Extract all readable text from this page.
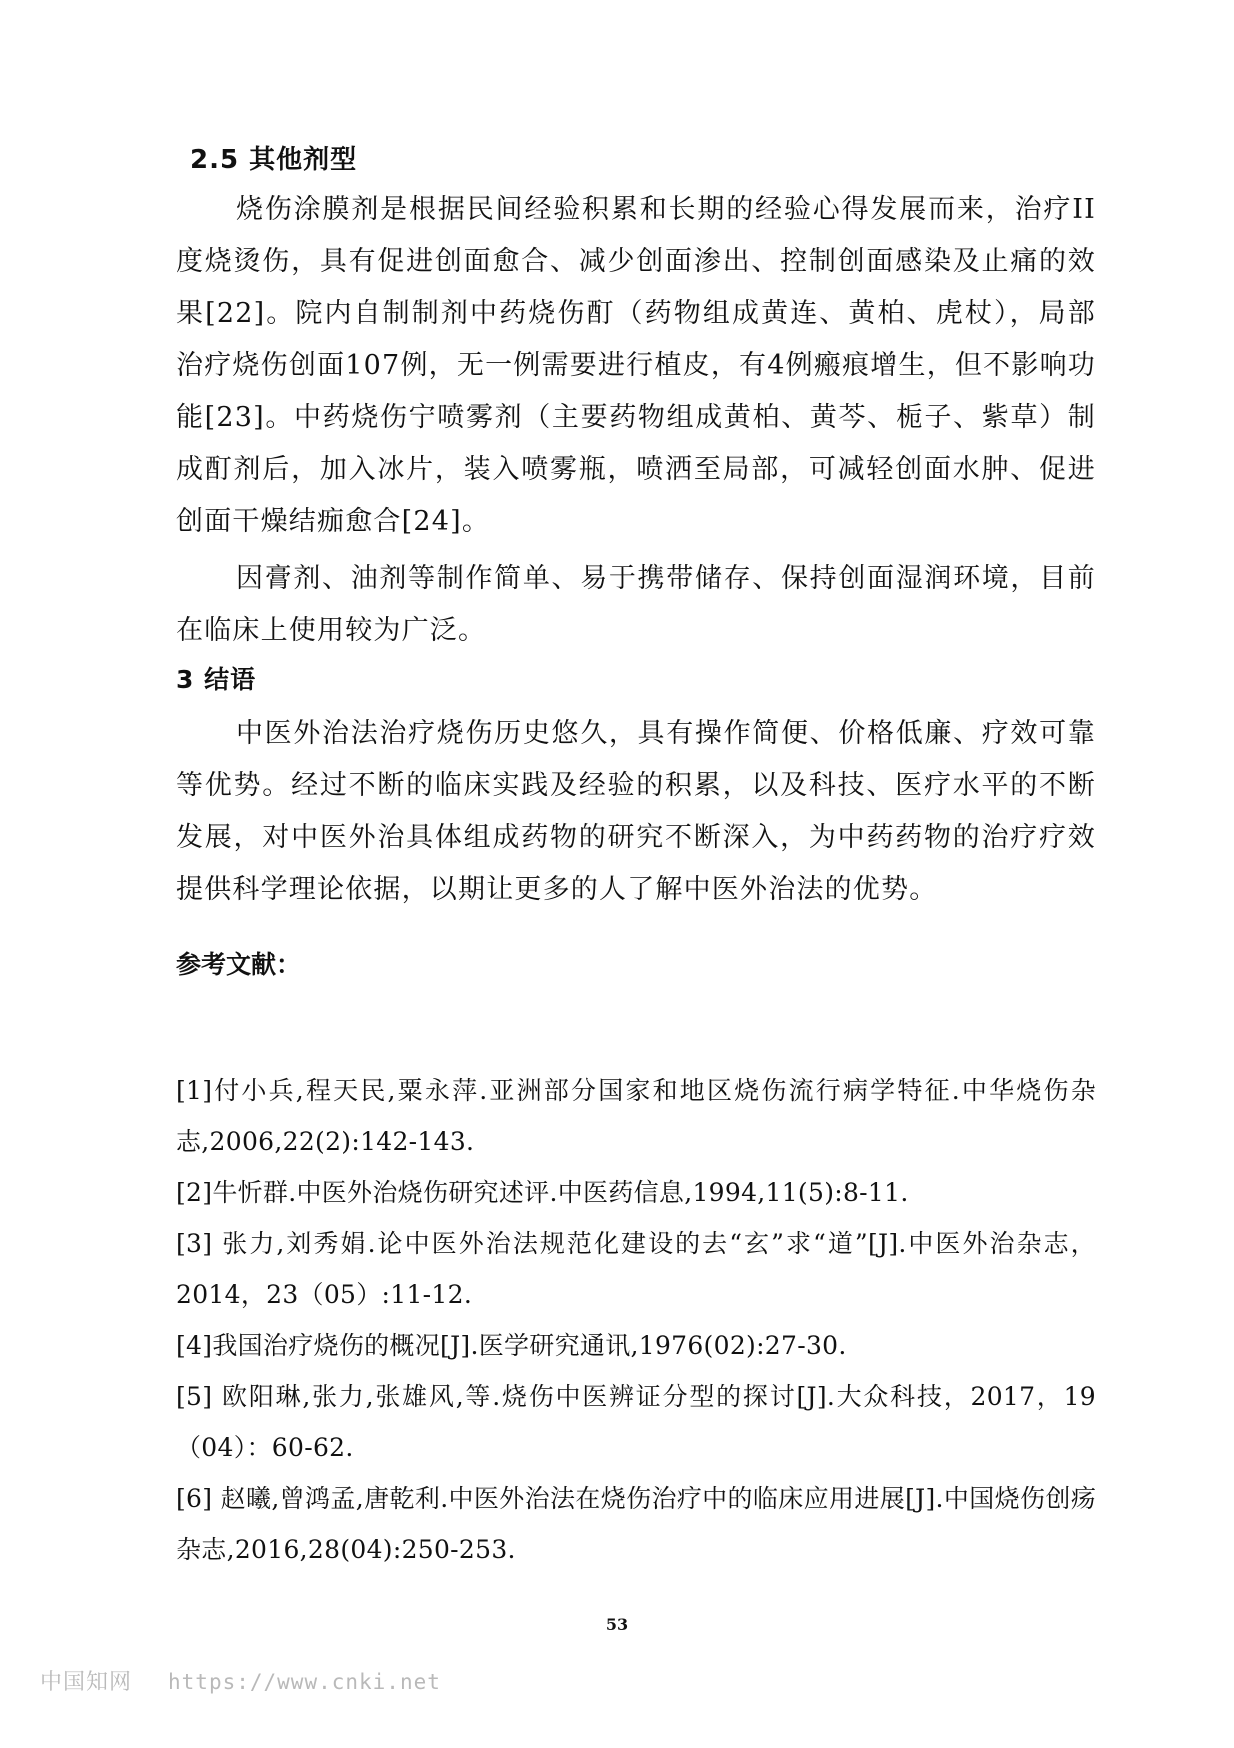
2.5 其他剂型

烧伤涂膜剂是根据民间经验积累和长期的经验心得发展而来，治疗II度烧烫伤，具有促进创面愈合、减少创面渗出、控制创面感染及止痛的效果[22]。院内自制制剂中药烧伤酊（药物组成黄连、黄柏、虎杖），局部治疗烧伤创面107例，无一例需要进行植皮，有4例瘢痕增生，但不影响功能[23]。中药烧伤宁喷雾剂（主要药物组成黄柏、黄芩、栀子、紫草）制成酊剂后，加入冰片，装入喷雾瓶，喷洒至局部，可减轻创面水肿、促进创面干燥结痂愈合[24]。

因膏剂、油剂等制作简单、易于携带储存、保持创面湿润环境，目前在临床上使用较为广泛。

3 结语

中医外治法治疗烧伤历史悠久，具有操作简便、价格低廉、疗效可靠等优势。经过不断的临床实践及经验的积累，以及科技、医疗水平的不断发展，对中医外治具体组成药物的研究不断深入，为中药药物的治疗疗效提供科学理论依据，以期让更多的人了解中医外治法的优势。

参考文献：

[1]付小兵,程天民,粟永萍.亚洲部分国家和地区烧伤流行病学特征.中华烧伤杂志,2006,22(2):142-143.

[2]牛忻群.中医外治烧伤研究述评.中医药信息,1994,11(5):8-11.

[3] 张力,刘秀娟.论中医外治法规范化建设的去“玄”求“道”[J].中医外治杂志，2014，23（05）:11-12.

[4]我国治疗烧伤的概况[J].医学研究通讯,1976(02):27-30.

[5] 欧阳琳,张力,张雄风,等.烧伤中医辨证分型的探讨[J].大众科技，2017，19（04）：60-62.

[6] 赵曦,曾鸿孟,唐乾利.中医外治法在烧伤治疗中的临床应用进展[J].中国烧伤创疡杂志,2016,28(04):250-253.

53
中国知网 https://www.cnki.net
